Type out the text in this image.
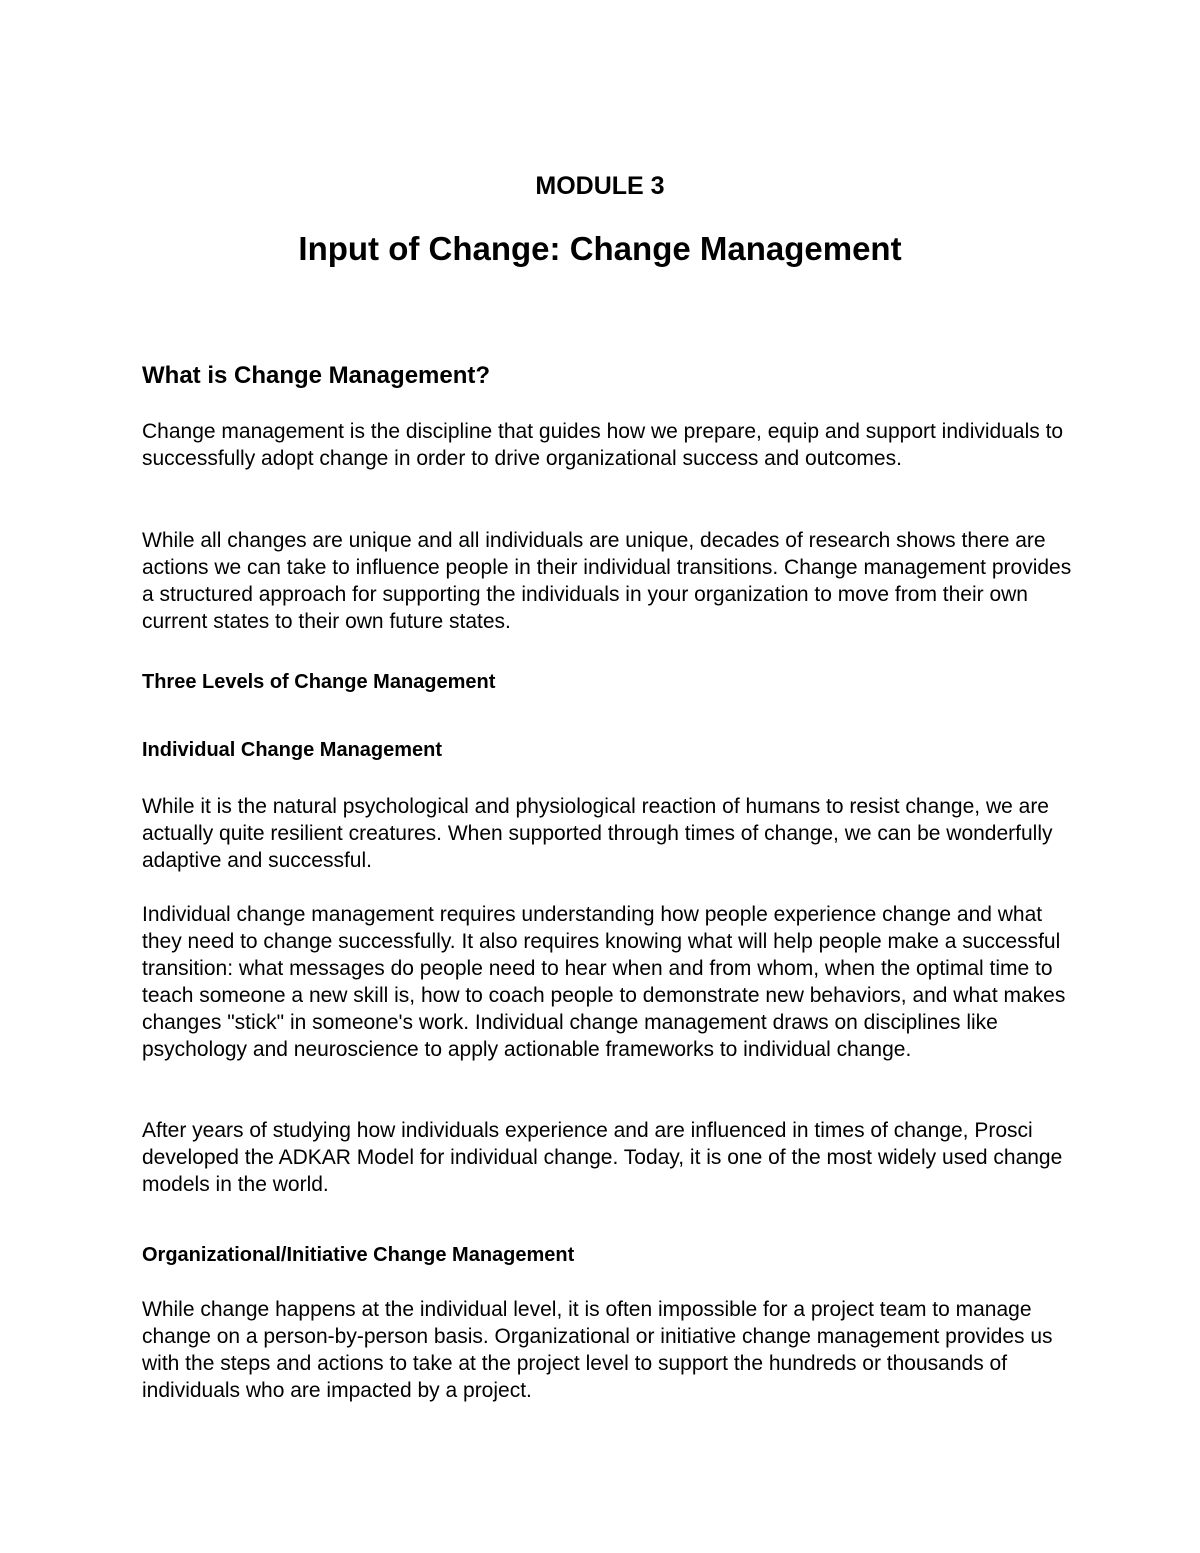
MODULE 3
Input of Change: Change Management
What is Change Management?

Change management is the discipline that guides how we prepare, equip and support individuals to successfully adopt change in order to drive organizational success and outcomes.

While all changes are unique and all individuals are unique, decades of research shows there are actions we can take to influence people in their individual transitions. Change management provides a structured approach for supporting the individuals in your organization to move from their own current states to their own future states.

Three Levels of Change Management
Individual Change Management

While it is the natural psychological and physiological reaction of humans to resist change, we are actually quite resilient creatures. When supported through times of change, we can be wonderfully adaptive and successful.

Individual change management requires understanding how people experience change and what they need to change successfully. It also requires knowing what will help people make a successful transition: what messages do people need to hear when and from whom, when the optimal time to teach someone a new skill is, how to coach people to demonstrate new behaviors, and what makes changes "stick" in someone's work. Individual change management draws on disciplines like psychology and neuroscience to apply actionable frameworks to individual change.

After years of studying how individuals experience and are influenced in times of change, Prosci developed the ADKAR Model for individual change. Today, it is one of the most widely used change models in the world.

Organizational/Initiative Change Management

While change happens at the individual level, it is often impossible for a project team to manage change on a person-by-person basis. Organizational or initiative change management provides us with the steps and actions to take at the project level to support the hundreds or thousands of individuals who are impacted by a project.
